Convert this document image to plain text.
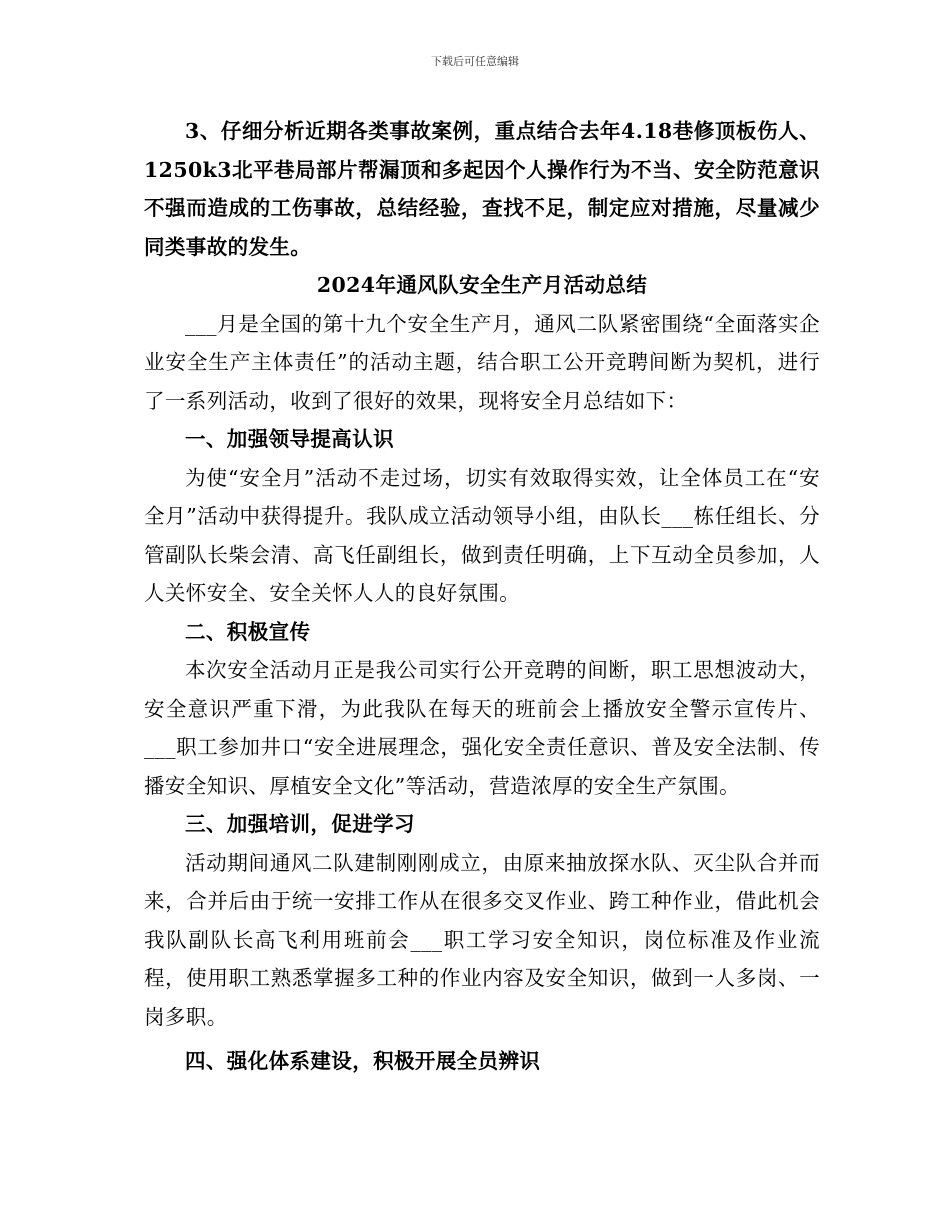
下载后可任意编辑

3、仔细分析近期各类事故案例，重点结合去年4.18巷修顶板伤人、1250k3北平巷局部片帮漏顶和多起因个人操作行为不当、安全防范意识不强而造成的工伤事故，总结经验，查找不足，制定应对措施，尽量减少同类事故的发生。

2024年通风队安全生产月活动总结

___月是全国的第十九个安全生产月，通风二队紧密围绕“全面落实企业安全生产主体责任”的活动主题，结合职工公开竞聘间断为契机，进行了一系列活动，收到了很好的效果，现将安全月总结如下：

一、加强领导提高认识

为使“安全月”活动不走过场，切实有效取得实效，让全体员工在“安全月”活动中获得提升。我队成立活动领导小组，由队长___栋任组长、分管副队长柴会清、高飞任副组长，做到责任明确，上下互动全员参加，人人关怀安全、安全关怀人人的良好氛围。

二、积极宣传

本次安全活动月正是我公司实行公开竞聘的间断，职工思想波动大，安全意识严重下滑，为此我队在每天的班前会上播放安全警示宣传片、___职工参加井口“安全进展理念，强化安全责任意识、普及安全法制、传播安全知识、厚植安全文化”等活动，营造浓厚的安全生产氛围。

三、加强培训，促进学习

活动期间通风二队建制刚刚成立，由原来抽放探水队、灭尘队合并而来，合并后由于统一安排工作从在很多交叉作业、跨工种作业，借此机会我队副队长高飞利用班前会___职工学习安全知识，岗位标准及作业流程，使用职工熟悉掌握多工种的作业内容及安全知识，做到一人多岗、一岗多职。

四、强化体系建设，积极开展全员辨识
